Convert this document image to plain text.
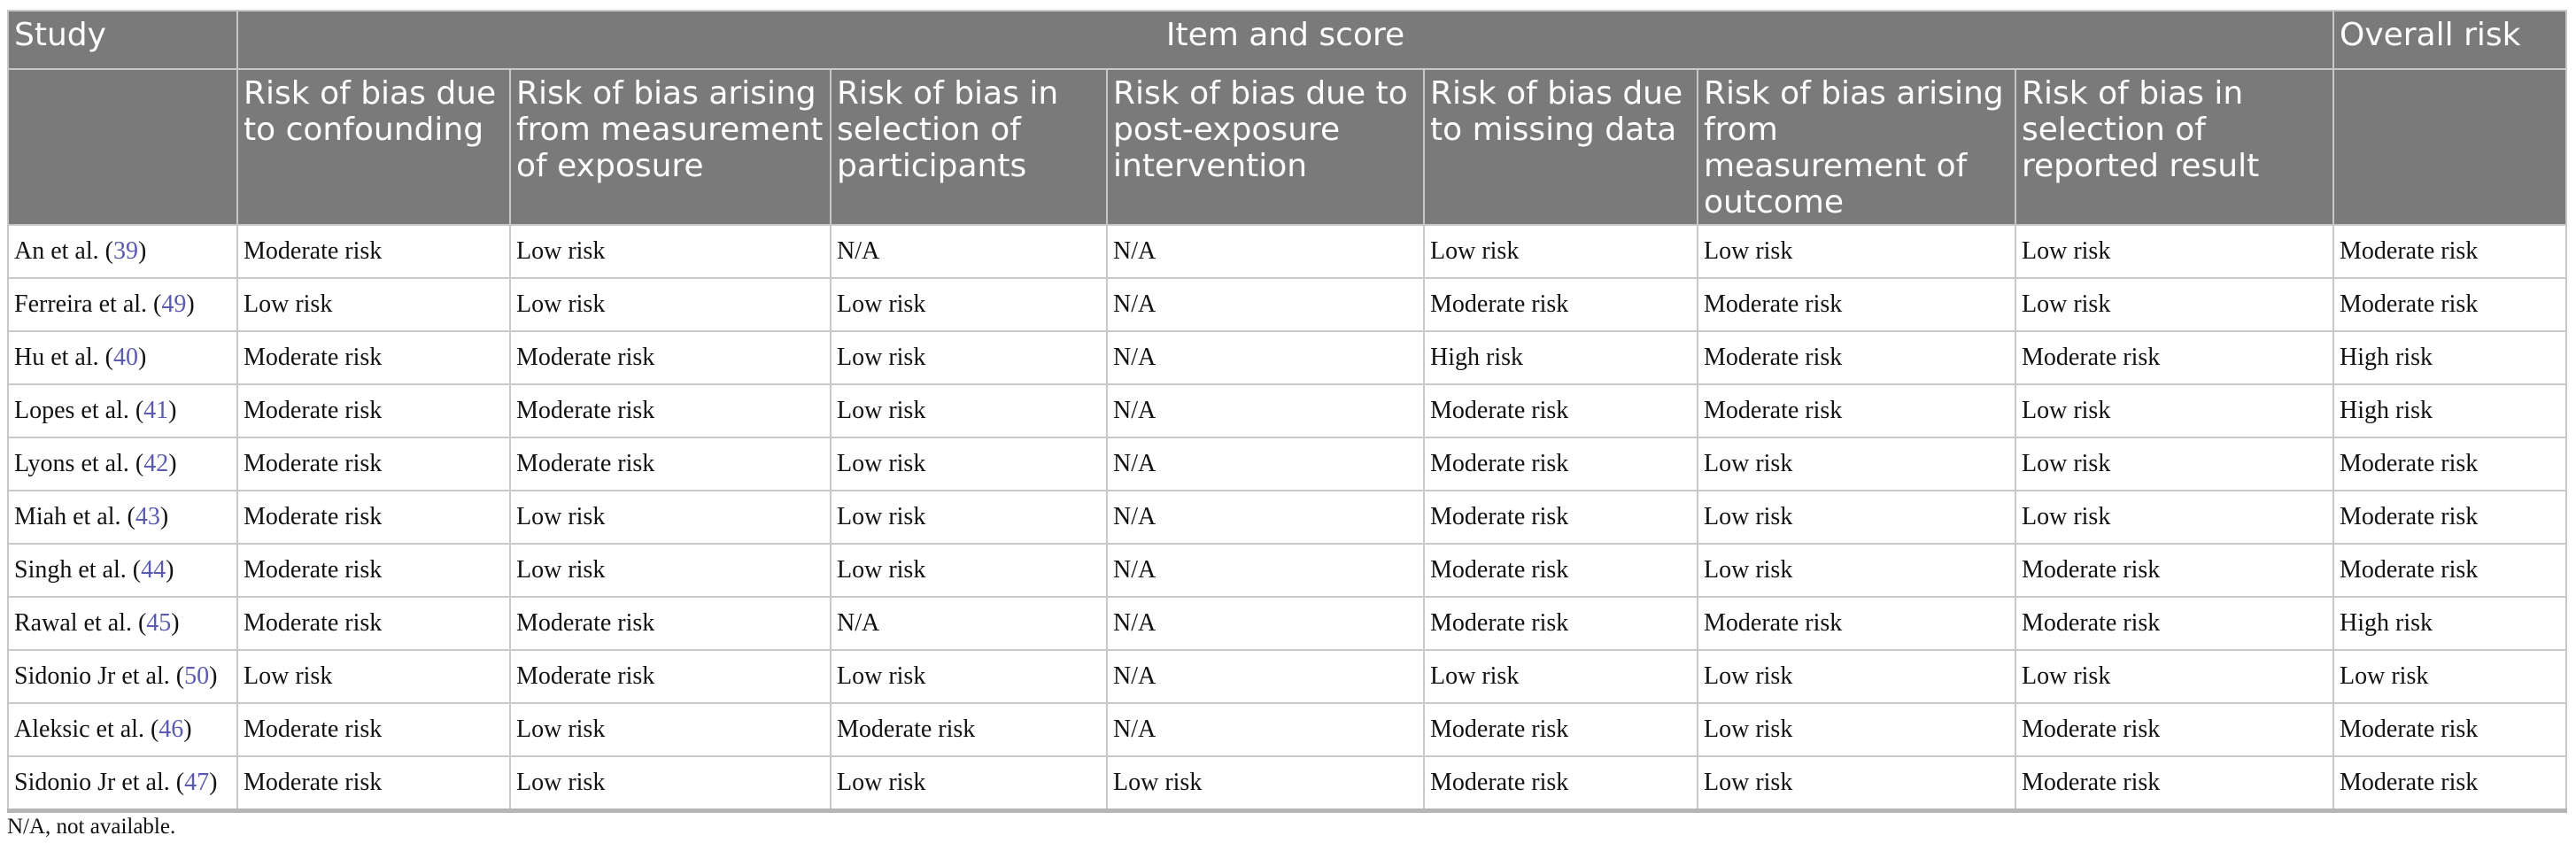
Study	Item and score							Overall risk
	Risk of bias due to confounding	Risk of bias arising from measurement of exposure	Risk of bias in selection of participants	Risk of bias due to post-exposure intervention	Risk of bias due to missing data	Risk of bias arising from measurement of outcome	Risk of bias in selection of reported result	
An et al. (39)	Moderate risk	Low risk	N/A	N/A	Low risk	Low risk	Low risk	Moderate risk
Ferreira et al. (49)	Low risk	Low risk	Low risk	N/A	Moderate risk	Moderate risk	Low risk	Moderate risk
Hu et al. (40)	Moderate risk	Moderate risk	Low risk	N/A	High risk	Moderate risk	Moderate risk	High risk
Lopes et al. (41)	Moderate risk	Moderate risk	Low risk	N/A	Moderate risk	Moderate risk	Low risk	High risk
Lyons et al. (42)	Moderate risk	Moderate risk	Low risk	N/A	Moderate risk	Low risk	Low risk	Moderate risk
Miah et al. (43)	Moderate risk	Low risk	Low risk	N/A	Moderate risk	Low risk	Low risk	Moderate risk
Singh et al. (44)	Moderate risk	Low risk	Low risk	N/A	Moderate risk	Low risk	Moderate risk	Moderate risk
Rawal et al. (45)	Moderate risk	Moderate risk	N/A	N/A	Moderate risk	Moderate risk	Moderate risk	High risk
Sidonio Jr et al. (50)	Low risk	Moderate risk	Low risk	N/A	Low risk	Low risk	Low risk	Low risk
Aleksic et al. (46)	Moderate risk	Low risk	Moderate risk	N/A	Moderate risk	Low risk	Moderate risk	Moderate risk
Sidonio Jr et al. (47)	Moderate risk	Low risk	Low risk	Low risk	Moderate risk	Low risk	Moderate risk	Moderate risk
N/A, not available.
